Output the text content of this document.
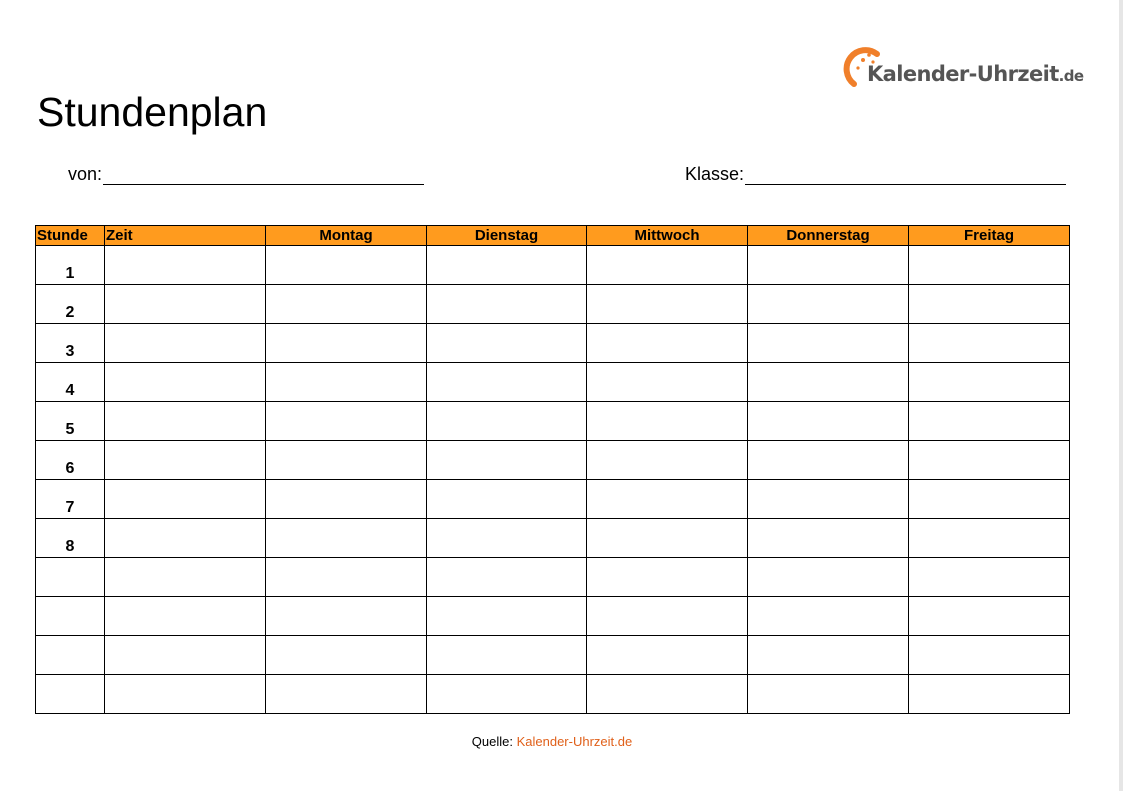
Kalender-Uhrzeit.de
Stundenplan
von:	Klasse:
Stunde	Zeit	Montag	Dienstag	Mittwoch	Donnerstag	Freitag
1						
2						
3						
4						
5						
6						
7						
8						

Quelle: Kalender-Uhrzeit.de
